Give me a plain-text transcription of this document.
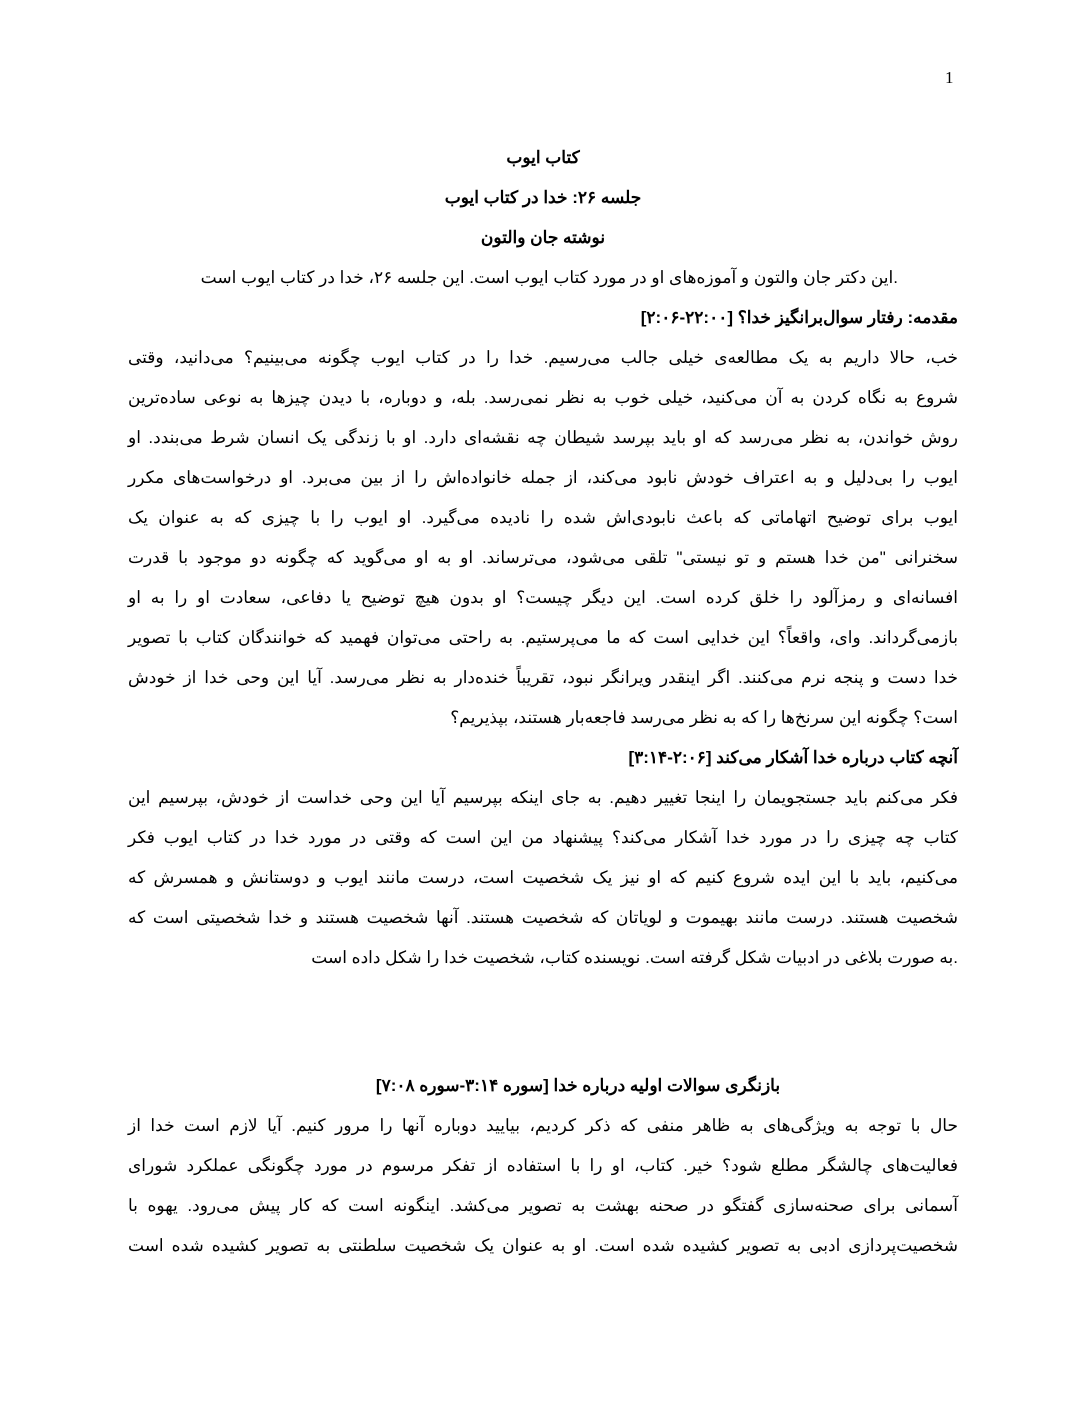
1
کتاب ایوب
جلسه ۲۶: خدا در کتاب ایوب
نوشته جان والتون
.این دکتر جان والتون و آموزه‌های او در مورد کتاب ایوب است. این جلسه ۲۶، خدا در کتاب ایوب است
مقدمه: رفتار سوال‌برانگیز خدا؟ [۲۲:۰۰-۲:۰۶]
خب، حالا داریم به یک مطالعه‌ی خیلی جالب می‌رسیم. خدا را در کتاب ایوب چگونه می‌بینیم؟ می‌دانید، وقتی
شروع به نگاه کردن به آن می‌کنید، خیلی خوب به نظر نمی‌رسد. بله، و دوباره، با دیدن چیزها به نوعی ساده‌ترین
روش خواندن، به نظر می‌رسد که او باید بپرسد شیطان چه نقشه‌ای دارد. او با زندگی یک انسان شرط می‌بندد. او
ایوب را بی‌دلیل و به اعتراف خودش نابود می‌کند، از جمله خانواده‌اش را از بین می‌برد. او درخواست‌های مکرر
ایوب برای توضیح اتهاماتی که باعث نابودی‌اش شده را نادیده می‌گیرد. او ایوب را با چیزی که به عنوان یک
سخنرانی "من خدا هستم و تو نیستی" تلقی می‌شود، می‌ترساند. او به او می‌گوید که چگونه دو موجود با قدرت
افسانه‌ای و رمزآلود را خلق کرده است. این دیگر چیست؟ او بدون هیچ توضیح یا دفاعی، سعادت او را به او
بازمی‌گرداند. وای، واقعاً؟ این خدایی است که ما می‌پرستیم. به راحتی می‌توان فهمید که خوانندگان کتاب با تصویر
خدا دست و پنجه نرم می‌کنند. اگر اینقدر ویرانگر نبود، تقریباً خنده‌دار به نظر می‌رسد. آیا این وحی خدا از خودش
است؟ چگونه این سرنخ‌ها را که به نظر می‌رسد فاجعه‌بار هستند، بپذیریم؟
آنچه کتاب درباره خدا آشکار می‌کند [۲:۰۶-۳:۱۴]
فکر می‌کنم باید جستجویمان را اینجا تغییر دهیم. به جای اینکه بپرسیم آیا این وحی خداست از خودش، بپرسیم این
کتاب چه چیزی را در مورد خدا آشکار می‌کند؟ پیشنهاد من این است که وقتی در مورد خدا در کتاب ایوب فکر
می‌کنیم، باید با این ایده شروع کنیم که او نیز یک شخصیت است، درست مانند ایوب و دوستانش و همسرش که
شخصیت هستند. درست مانند بهیموت و لویاتان که شخصیت هستند. آنها شخصیت هستند و خدا شخصیتی است که
.به صورت بلاغی در ادبیات شکل گرفته است. نویسنده کتاب، شخصیت خدا را شکل داده است
بازنگری سوالات اولیه درباره خدا [سوره ۳:۱۴-سوره ۷:۰۸]
حال با توجه به ویژگی‌های به ظاهر منفی که ذکر کردیم، بیایید دوباره آنها را مرور کنیم. آیا لازم است خدا از
فعالیت‌های چالشگر مطلع شود؟ خیر. کتاب، او را با استفاده از تفکر مرسوم در مورد چگونگی عملکرد شورای
آسمانی برای صحنه‌سازی گفتگو در صحنه بهشت به تصویر می‌کشد. اینگونه است که کار پیش می‌رود. یهوه با
شخصیت‌پردازی ادبی به تصویر کشیده شده است. او به عنوان یک شخصیت سلطنتی به تصویر کشیده شده است
